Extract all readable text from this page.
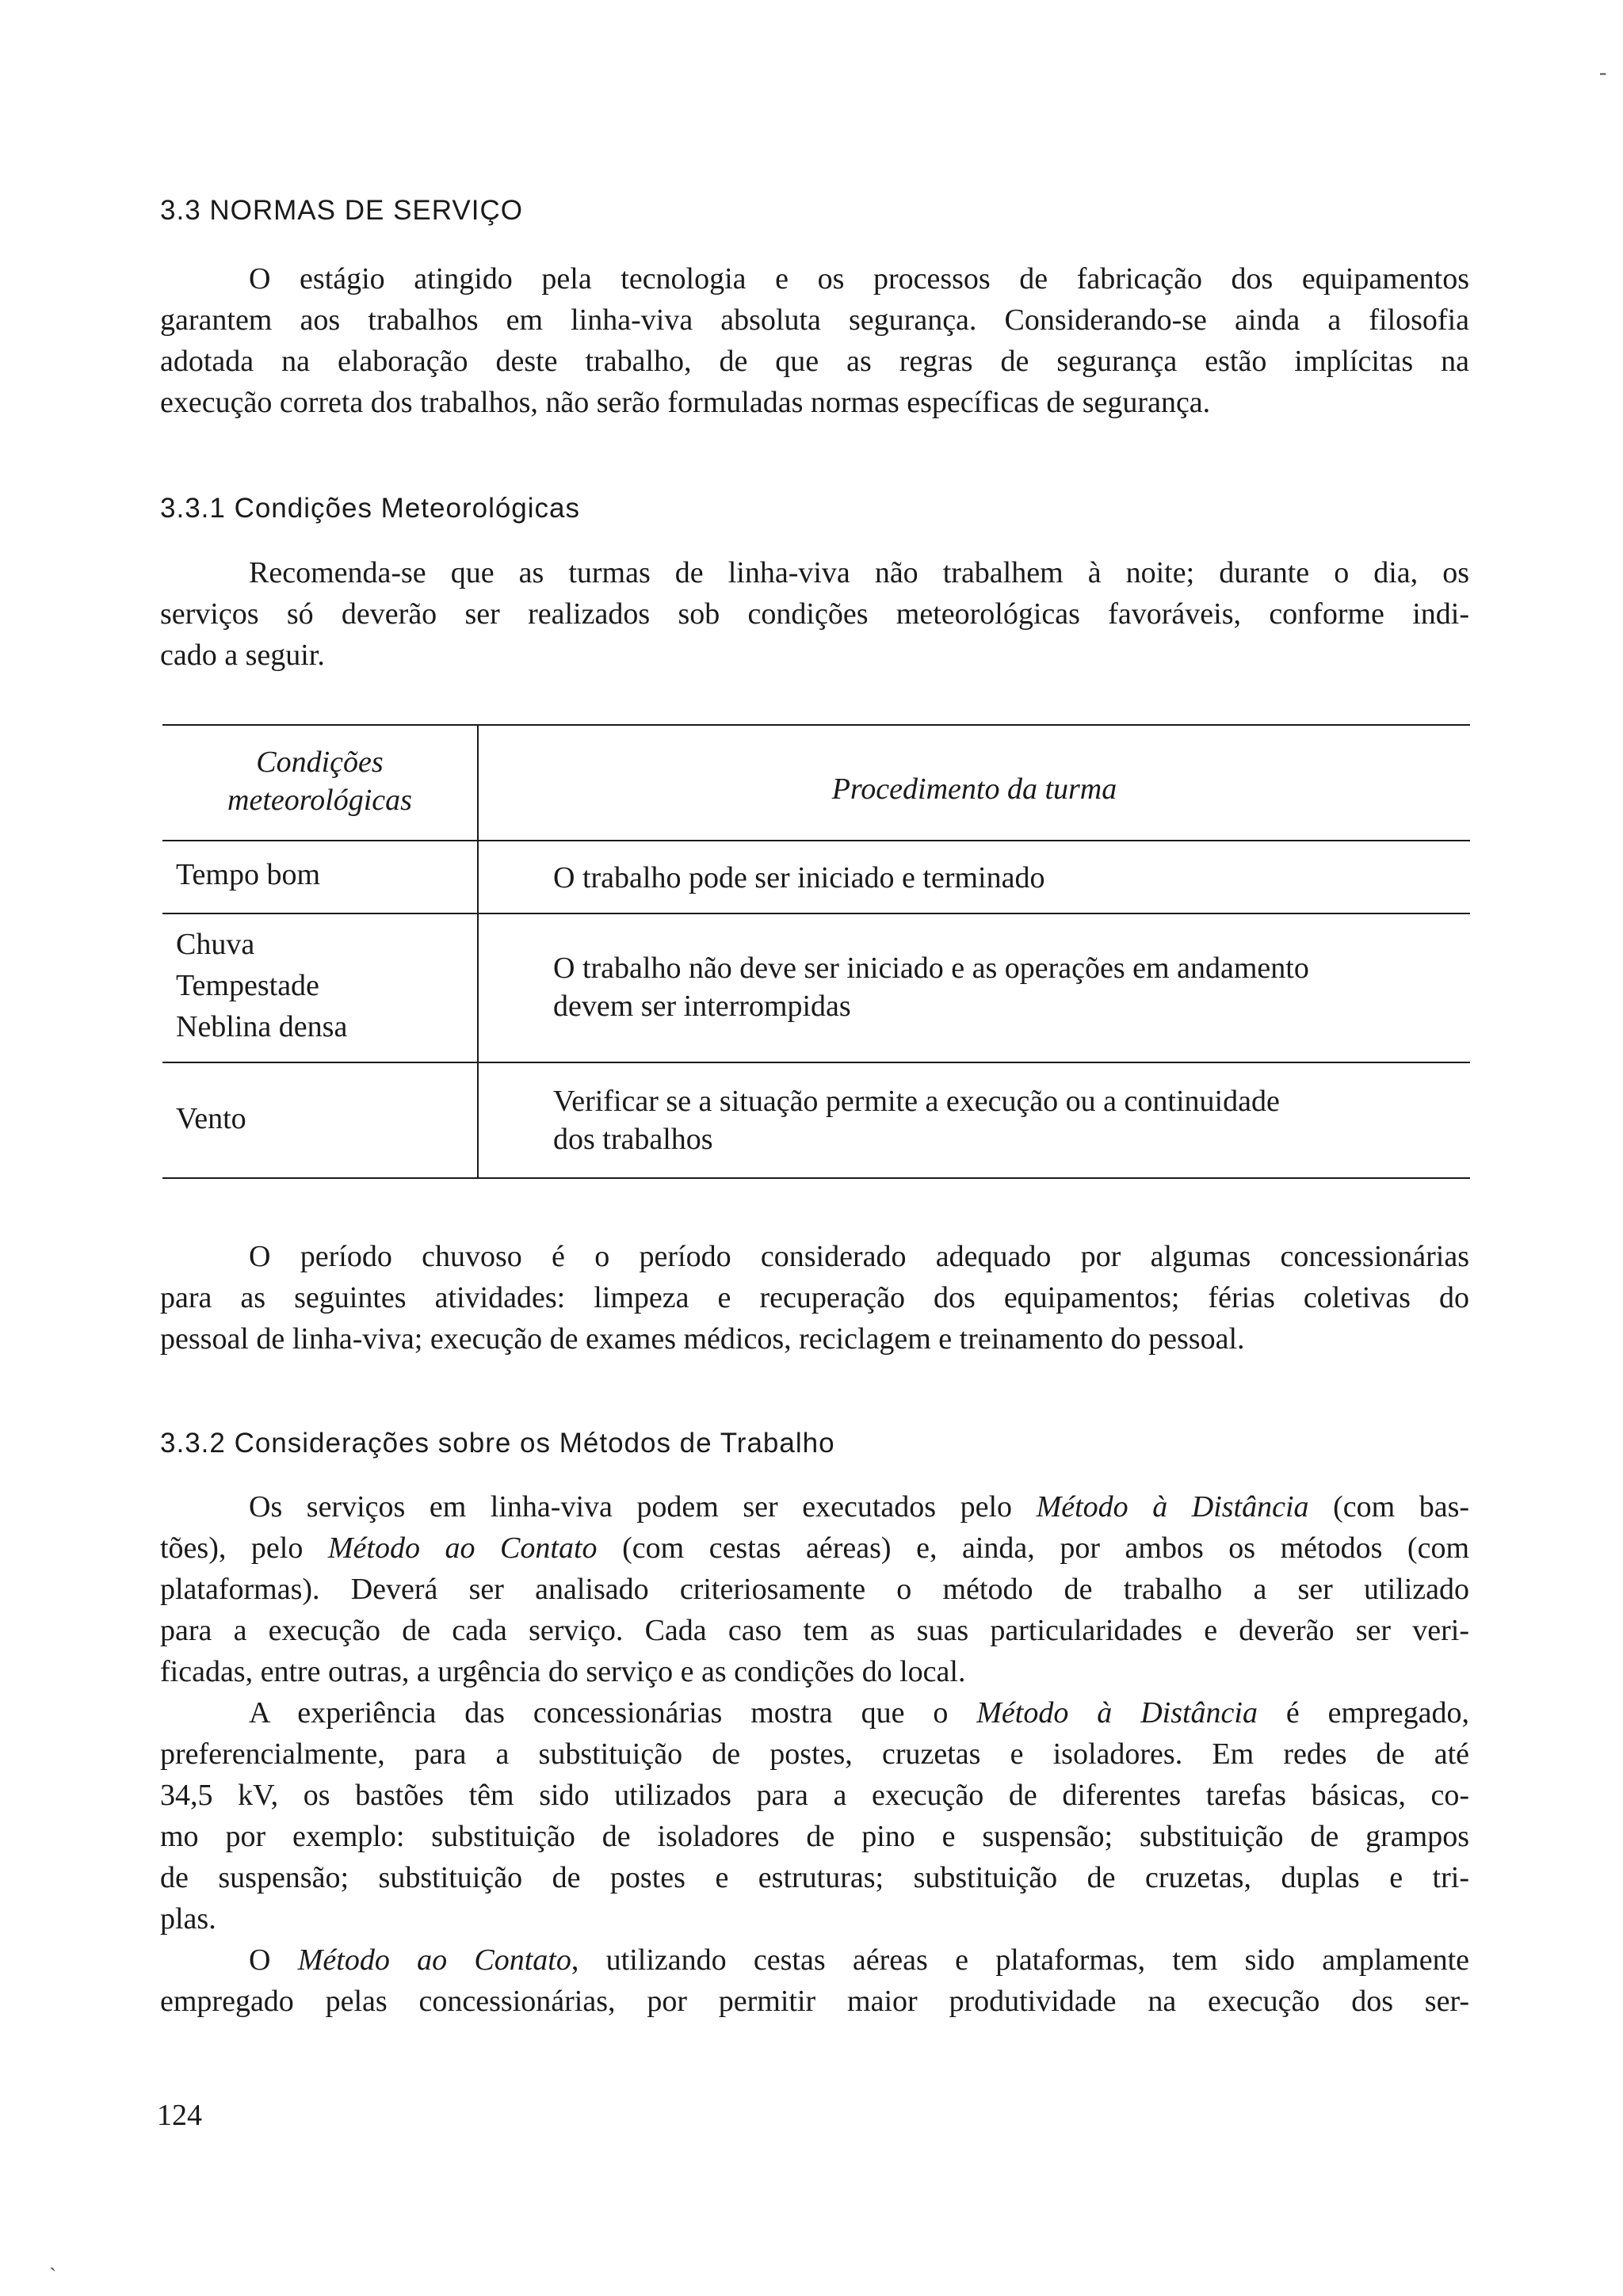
3.3 NORMAS DE SERVIÇO
O estágio atingido pela tecnologia e os processos de fabricação dos equipamentos
garantem aos trabalhos em linha-viva absoluta segurança. Considerando-se ainda a filosofia
adotada na elaboração deste trabalho, de que as regras de segurança estão implícitas na
execução correta dos trabalhos, não serão formuladas normas específicas de segurança.
3.3.1 Condições Meteorológicas
Recomenda-se que as turmas de linha-viva não trabalhem à noite; durante o dia, os
serviços só deverão ser realizados sob condições meteorológicas favoráveis, conforme indi-
cado a seguir.
Condições
meteorológicas	Procedimento da turma
Tempo bom	O trabalho pode ser iniciado e terminado
Chuva
Tempestade
Neblina densa
O trabalho não deve ser iniciado e as operações em andamento
devem ser interrompidas
Vento
Verificar se a situação permite a execução ou a continuidade
dos trabalhos
O período chuvoso é o período considerado adequado por algumas concessionárias
para as seguintes atividades: limpeza e recuperação dos equipamentos; férias coletivas do
pessoal de linha-viva; execução de exames médicos, reciclagem e treinamento do pessoal.
3.3.2 Considerações sobre os Métodos de Trabalho
Os serviços em linha-viva podem ser executados pelo Método à Distância (com bas-
tões), pelo Método ao Contato (com cestas aéreas) e, ainda, por ambos os métodos (com
plataformas). Deverá ser analisado criteriosamente o método de trabalho a ser utilizado
para a execução de cada serviço. Cada caso tem as suas particularidades e deverão ser veri-
ficadas, entre outras, a urgência do serviço e as condições do local.
A experiência das concessionárias mostra que o Método à Distância é empregado,
preferencialmente, para a substituição de postes, cruzetas e isoladores. Em redes de até
34,5 kV, os bastões têm sido utilizados para a execução de diferentes tarefas básicas, co-
mo por exemplo: substituição de isoladores de pino e suspensão; substituição de grampos
de suspensão; substituição de postes e estruturas; substituição de cruzetas, duplas e tri-
plas.
O Método ao Contato, utilizando cestas aéreas e plataformas, tem sido amplamente
empregado pelas concessionárias, por permitir maior produtividade na execução dos ser-
124
-
`
